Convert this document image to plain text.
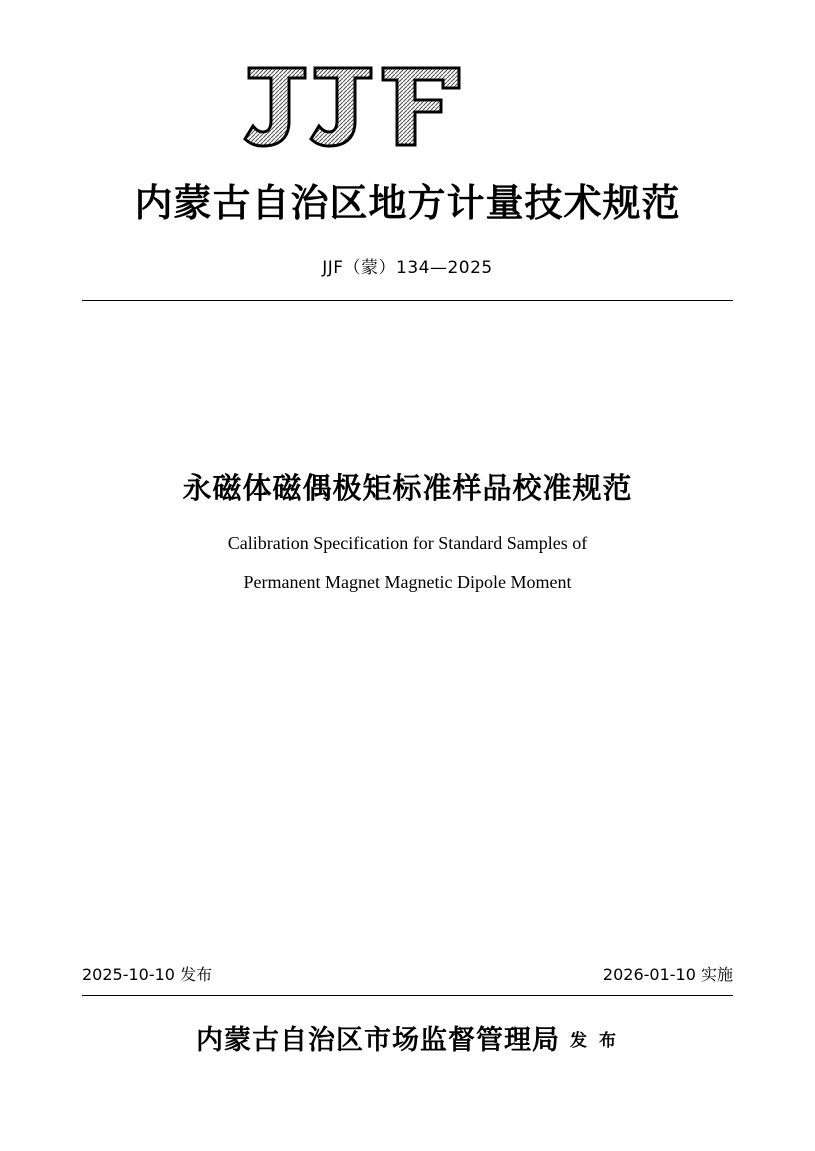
内蒙古自治区地方计量技术规范
JJF（蒙）134—2025
永磁体磁偶极矩标准样品校准规范
Calibration Specification for Standard Samples of
Permanent Magnet Magnetic Dipole Moment
2025-10-10 发布	2026-01-10 实施
内蒙古自治区市场监督管理局 发 布
